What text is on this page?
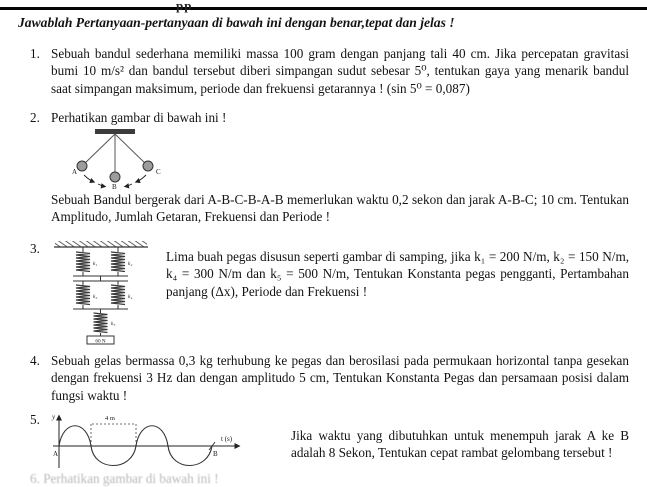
pp
Jawablah Pertanyaan-pertanyaan di bawah ini dengan benar,tepat dan jelas !
1. Sebuah bandul sederhana memiliki massa 100 gram dengan panjang tali 40 cm. Jika percepatan gravitasi bumi 10 m/s² dan bandul tersebut diberi simpangan sudut sebesar 5⁰, tentukan gaya yang menarik bandul saat simpangan maksimum, periode dan frekuensi getarannya ! (sin 5⁰ = 0,087)
2. Perhatikan gambar di bawah ini !
A
B
C
Sebuah Bandul bergerak dari A-B-C-B-A-B memerlukan waktu 0,2 sekon dan jarak A-B-C; 10 cm. Tentukan Amplitudo, Jumlah Getaran, Frekuensi dan Periode !
3.
k₁	k₂
k₃	k₄
k₅
60 N
Lima buah pegas disusun seperti gambar di samping, jika k₁ = 200 N/m, k₂ = 150 N/m, k₄ = 300 N/m dan k₅ = 500 N/m, Tentukan Konstanta pegas pengganti, Pertambahan panjang (Δx), Periode dan Frekuensi !
4. Sebuah gelas bermassa 0,3 kg terhubung ke pegas dan berosilasi pada permukaan horizontal tanpa gesekan dengan frekuensi 3 Hz dan dengan amplitudo 5 cm, Tentukan Konstanta Pegas dan persamaan posisi dalam fungsi waktu !
5.	y
t (s)
4 m
A	B
Jika waktu yang dibutuhkan untuk menempuh jarak A ke B adalah 8 Sekon, Tentukan cepat rambat gelombang tersebut !
6. Perhatikan gambar di bawah ini !
